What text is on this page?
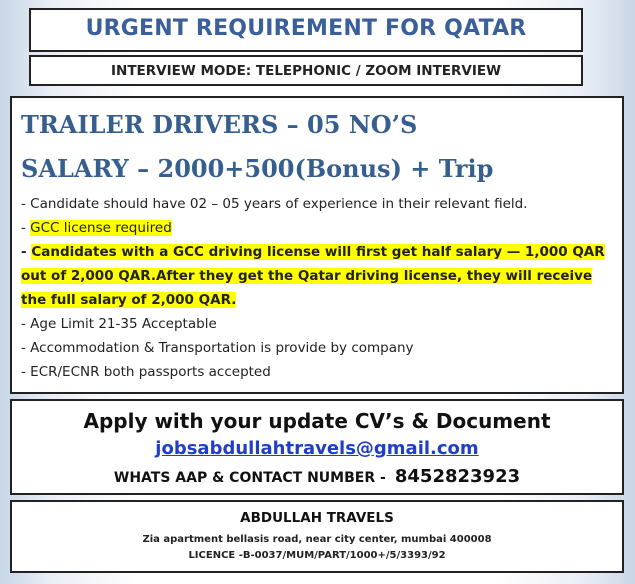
URGENT REQUIREMENT FOR QATAR
INTERVIEW MODE: TELEPHONIC / ZOOM INTERVIEW
TRAILER DRIVERS – 05 NO’S
SALARY – 2000+500(Bonus) + Trip
- Candidate should have 02 – 05 years of experience in their relevant field.
- GCC license required
- Candidates with a GCC driving license will first get half salary — 1,000 QAR out of 2,000 QAR.After they get the Qatar driving license, they will receive the full salary of 2,000 QAR.
- Age Limit 21-35 Acceptable
- Accommodation & Transportation is provide by company
- ECR/ECNR both passports accepted
Apply with your update CV’s & Document
jobsabdullahtravels@gmail.com
WHATS AAP & CONTACT NUMBER - 8452823923
ABDULLAH TRAVELS
Zia apartment bellasis road, near city center, mumbai 400008
LICENCE -B-0037/MUM/PART/1000+/5/3393/92
